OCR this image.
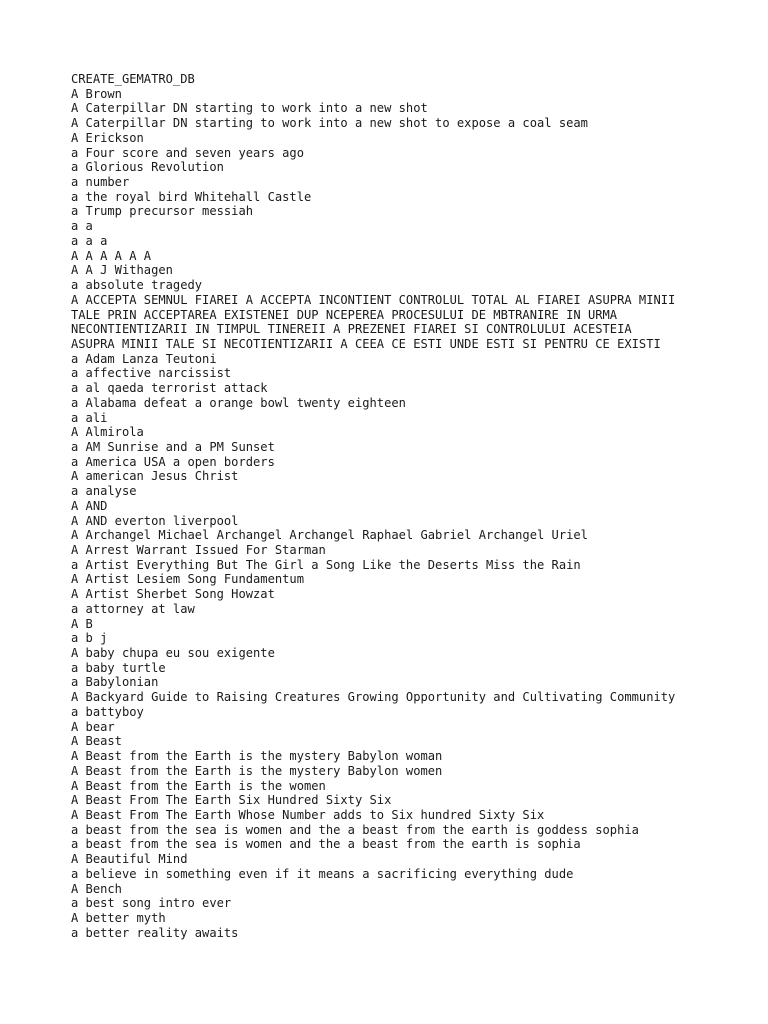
CREATE_GEMATRO_DB
A Brown
A Caterpillar DN starting to work into a new shot
A Caterpillar DN starting to work into a new shot to expose a coal seam
A Erickson
a Four score and seven years ago
a Glorious Revolution
a number
a the royal bird Whitehall Castle
a Trump precursor messiah
a a
a a a
A A A A A A
A A J Withagen
a absolute tragedy
A ACCEPTA SEMNUL FIAREI A ACCEPTA INCONTIENT CONTROLUL TOTAL AL FIAREI ASUPRA MINII
TALE PRIN ACCEPTAREA EXISTENEI DUP NCEPEREA PROCESULUI DE MBTRANIRE IN URMA
NECONTIENTIZARII IN TIMPUL TINEREII A PREZENEI FIAREI SI CONTROLULUI ACESTEIA
ASUPRA MINII TALE SI NECOTIENTIZARII A CEEA CE ESTI UNDE ESTI SI PENTRU CE EXISTI
a Adam Lanza Teutoni
a affective narcissist
a al qaeda terrorist attack
a Alabama defeat a orange bowl twenty eighteen
a ali
A Almirola
a AM Sunrise and a PM Sunset
a America USA a open borders
A american Jesus Christ
a analyse
A AND
A AND everton liverpool
A Archangel Michael Archangel Archangel Raphael Gabriel Archangel Uriel
A Arrest Warrant Issued For Starman
a Artist Everything But The Girl a Song Like the Deserts Miss the Rain
A Artist Lesiem Song Fundamentum
A Artist Sherbet Song Howzat
a attorney at law
A B
a b j
A baby chupa eu sou exigente
a baby turtle
a Babylonian
A Backyard Guide to Raising Creatures Growing Opportunity and Cultivating Community
a battyboy
A bear
A Beast
A Beast from the Earth is the mystery Babylon woman
A Beast from the Earth is the mystery Babylon women
A Beast from the Earth is the women
A Beast From The Earth Six Hundred Sixty Six
A Beast From The Earth Whose Number adds to Six hundred Sixty Six
a beast from the sea is women and the a beast from the earth is goddess sophia
a beast from the sea is women and the a beast from the earth is sophia
A Beautiful Mind
a believe in something even if it means a sacrificing everything dude
A Bench
a best song intro ever
A better myth
a better reality awaits
